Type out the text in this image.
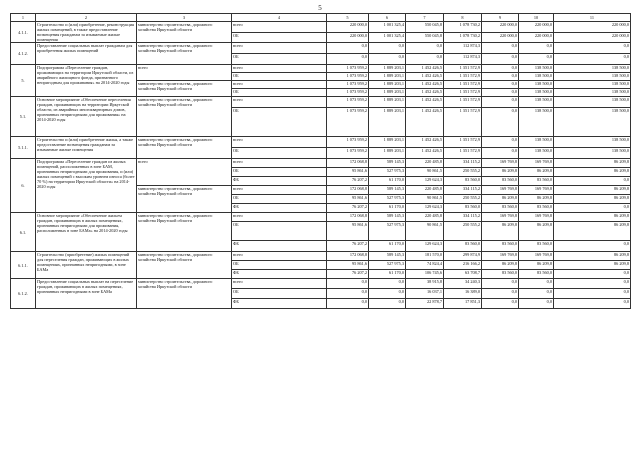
5
1	2	3	4	5	6	7	8	9	10	11
4.1.1.	Строительство и (или) приобретение, реконструкция жилых помещений, в также предоставление возмещения гражданам за изымаемые жилые помещения	министерство строительства, дорожного хозяйства Иркутской области	всего	220 000,0	1 001 325,4	550 045,8	1 078 730,2	220 000,0	220 000,0	220 000,0
			ОБ	220 000,0	1 001 325,4	550 045,8	1 078 730,2	220 000,0	220 000,0	220 000,0
4.1.2.	Предоставление социальных выплат гражданам для приобретения жилых помещений	министерство строительства, дорожного хозяйства Иркутской области	всего	0,0	0,0	0,0	112 874,3	0,0	0,0	0,0
			ОБ	0,0	0,0	0,0	112 874,3	0,0	0,0	0,0
5.	Подпрограмма «Переселение граждан, проживающих на территории Иркутской области, из аварийного жилищного фонда, признанного непригодным для проживания» на 2014-2020 годы	всего	всего	1 073 959,2	1 889 203,1	1 452 426,5	1 351 572,9	0,0	138 500,0	138 500,0
			ОБ	1 073 959,2	1 889 203,1	1 452 426,5	1 351 572,9	0,0	138 500,0	138 500,0
		министерство строительства, дорожного хозяйства Иркутской области	всего	1 073 959,2	1 889 203,1	1 452 426,5	1 351 572,9	0,0	138 500,0	138 500,0
			ОБ	1 073 959,2	1 889 203,1	1 452 426,5	1 351 572,9	0,0	138 500,0	138 500,0
5.1.	Основное мероприятие «Обеспечение переселения граждан, проживающих на территории Иркутской области, из аварийных многоквартирных домов, признанных непригодными для проживания» на 2014-2020 годы	министерство строительства, дорожного хозяйства Иркутской области	всего	1 073 959,2	1 889 203,1	1 452 426,5	1 351 572,9	0,0	138 500,0	138 500,0
			ОБ	1 073 959,2	1 889 203,1	1 452 426,5	1 351 572,9	0,0	138 500,0	138 500,0
5.1.1.	Строительство и (или) приобретение жилья, а также предоставление возмещения гражданам за изымаемые жилые помещения	министерство строительства, дорожного хозяйства Иркутской области	всего	1 073 959,2	1 889 203,1	1 452 426,5	1 351 572,9	0,0	138 500,0	138 500,0
			ОБ	1 073 959,2	1 889 203,1	1 452 426,5	1 351 572,9	0,0	138 500,0	138 500,0
6.	Подпрограмма «Переселение граждан из жилых помещений, расположенных в зоне БАМ, признанных непригодными для проживания, и (или) жилых помещений с высоким уровнем износа (более 70 %) на территории Иркутской области» на 2014-2020 годы	всего	всего	172 068,8	589 145,3	220 485,8	334 115,2	169 769,8	169 769,8	86 209,8
			ОБ	95 861,6	527 975,3	90 861,5	250 555,2	86 209,8	86 209,8	86 209,8
			ФБ	76 207,2	61 170,0	129 624,3	83 560,0	83 560,0	83 560,0	0,0
		министерство строительства, дорожного хозяйства Иркутской области	всего	172 068,8	589 145,3	220 485,8	334 115,2	169 769,8	169 769,8	86 209,8
			ОБ	95 861,6	527 975,3	90 861,5	250 555,2	86 209,8	86 209,8	86 209,8
			ФБ	76 207,2	61 170,0	129 624,3	83 560,0	83 560,0	83 560,0	0,0
6.1.	Основное мероприятие «Обеспечение жильем граждан, проживающих в жилых помещениях, признанных непригодными для проживания, расположенных в зоне БАМа» на 2014-2020 годы	министерство строительства, дорожного хозяйства Иркутской области	всего	172 068,8	589 145,3	220 485,8	334 115,2	169 769,8	169 769,8	86 209,8
			ОБ	95 861,6	527 975,3	90 861,5	250 555,2	86 209,8	86 209,8	86 209,8
			ФБ	76 207,2	61 170,0	129 624,3	83 560,0	83 560,0	83 560,0	0,0
6.1.1.	Строительство (приобретение) жилых помещений для переселения граждан, проживающих в жилых помещениях, признанных непригодными, в зоне БАМа	министерство строительства, дорожного хозяйства Иркутской области	всего	172 068,8	589 145,3	181 570,0	299 874,9	169 769,8	169 769,8	86 209,8
			ОБ	95 861,6	527 975,3	74 824,4	216 166,2	86 209,8	86 209,8	86 209,8
			ФБ	76 207,2	61 170,0	106 745,6	63 708,7	83 560,0	83 560,0	0,0
6.1.2.	Предоставление социальных выплат на переселение граждан, проживающих в жилых помещениях, признанных непригодными в зоне БАМа	министерство строительства, дорожного хозяйства Иркутской области	всего	0,0	0,0	38 915,8	34 240,3	0,0	0,0	0,0
			ОБ	0,0	0,0	16 037,1	16 389,0	0,0	0,0	0,0
			ФБ	0,0	0,0	22 878,7	17 851,3	0,0	0,0	0,0
